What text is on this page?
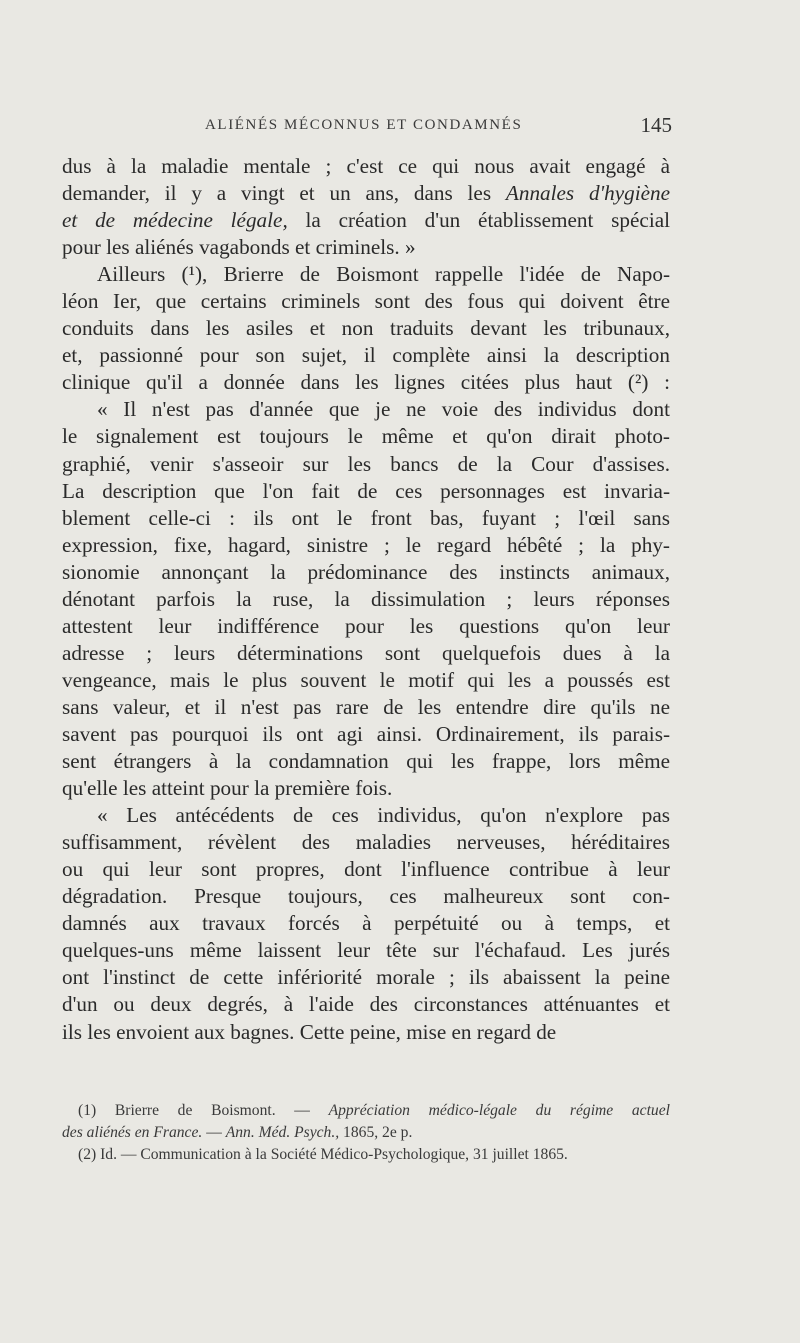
ALIÉNÉS MÉCONNUS ET CONDAMNÉS	145
dus à la maladie mentale ; c'est ce qui nous avait engagé à
demander, il y a vingt et un ans, dans les Annales d'hygiène
et de médecine légale, la création d'un établissement spécial
pour les aliénés vagabonds et criminels. »
Ailleurs (¹), Brierre de Boismont rappelle l'idée de Napo-
léon Ier, que certains criminels sont des fous qui doivent être
conduits dans les asiles et non traduits devant les tribunaux,
et, passionné pour son sujet, il complète ainsi la description
clinique qu'il a donnée dans les lignes citées plus haut (²) :
« Il n'est pas d'année que je ne voie des individus dont
le signalement est toujours le même et qu'on dirait photo-
graphié, venir s'asseoir sur les bancs de la Cour d'assises.
La description que l'on fait de ces personnages est invaria-
blement celle-ci : ils ont le front bas, fuyant ; l'œil sans
expression, fixe, hagard, sinistre ; le regard hébêté ; la phy-
sionomie annonçant la prédominance des instincts animaux,
dénotant parfois la ruse, la dissimulation ; leurs réponses
attestent leur indifférence pour les questions qu'on leur
adresse ; leurs déterminations sont quelquefois dues à la
vengeance, mais le plus souvent le motif qui les a poussés est
sans valeur, et il n'est pas rare de les entendre dire qu'ils ne
savent pas pourquoi ils ont agi ainsi. Ordinairement, ils parais-
sent étrangers à la condamnation qui les frappe, lors même
qu'elle les atteint pour la première fois.
« Les antécédents de ces individus, qu'on n'explore pas
suffisamment, révèlent des maladies nerveuses, héréditaires
ou qui leur sont propres, dont l'influence contribue à leur
dégradation. Presque toujours, ces malheureux sont con-
damnés aux travaux forcés à perpétuité ou à temps, et
quelques-uns même laissent leur tête sur l'échafaud. Les jurés
ont l'instinct de cette infériorité morale ; ils abaissent la peine
d'un ou deux degrés, à l'aide des circonstances atténuantes et
ils les envoient aux bagnes. Cette peine, mise en regard de
(1) Brierre de Boismont. — Appréciation médico-légale du régime actuel
des aliénés en France. — Ann. Méd. Psych., 1865, 2e p.
(2) Id. — Communication à la Société Médico-Psychologique, 31 juillet 1865.
